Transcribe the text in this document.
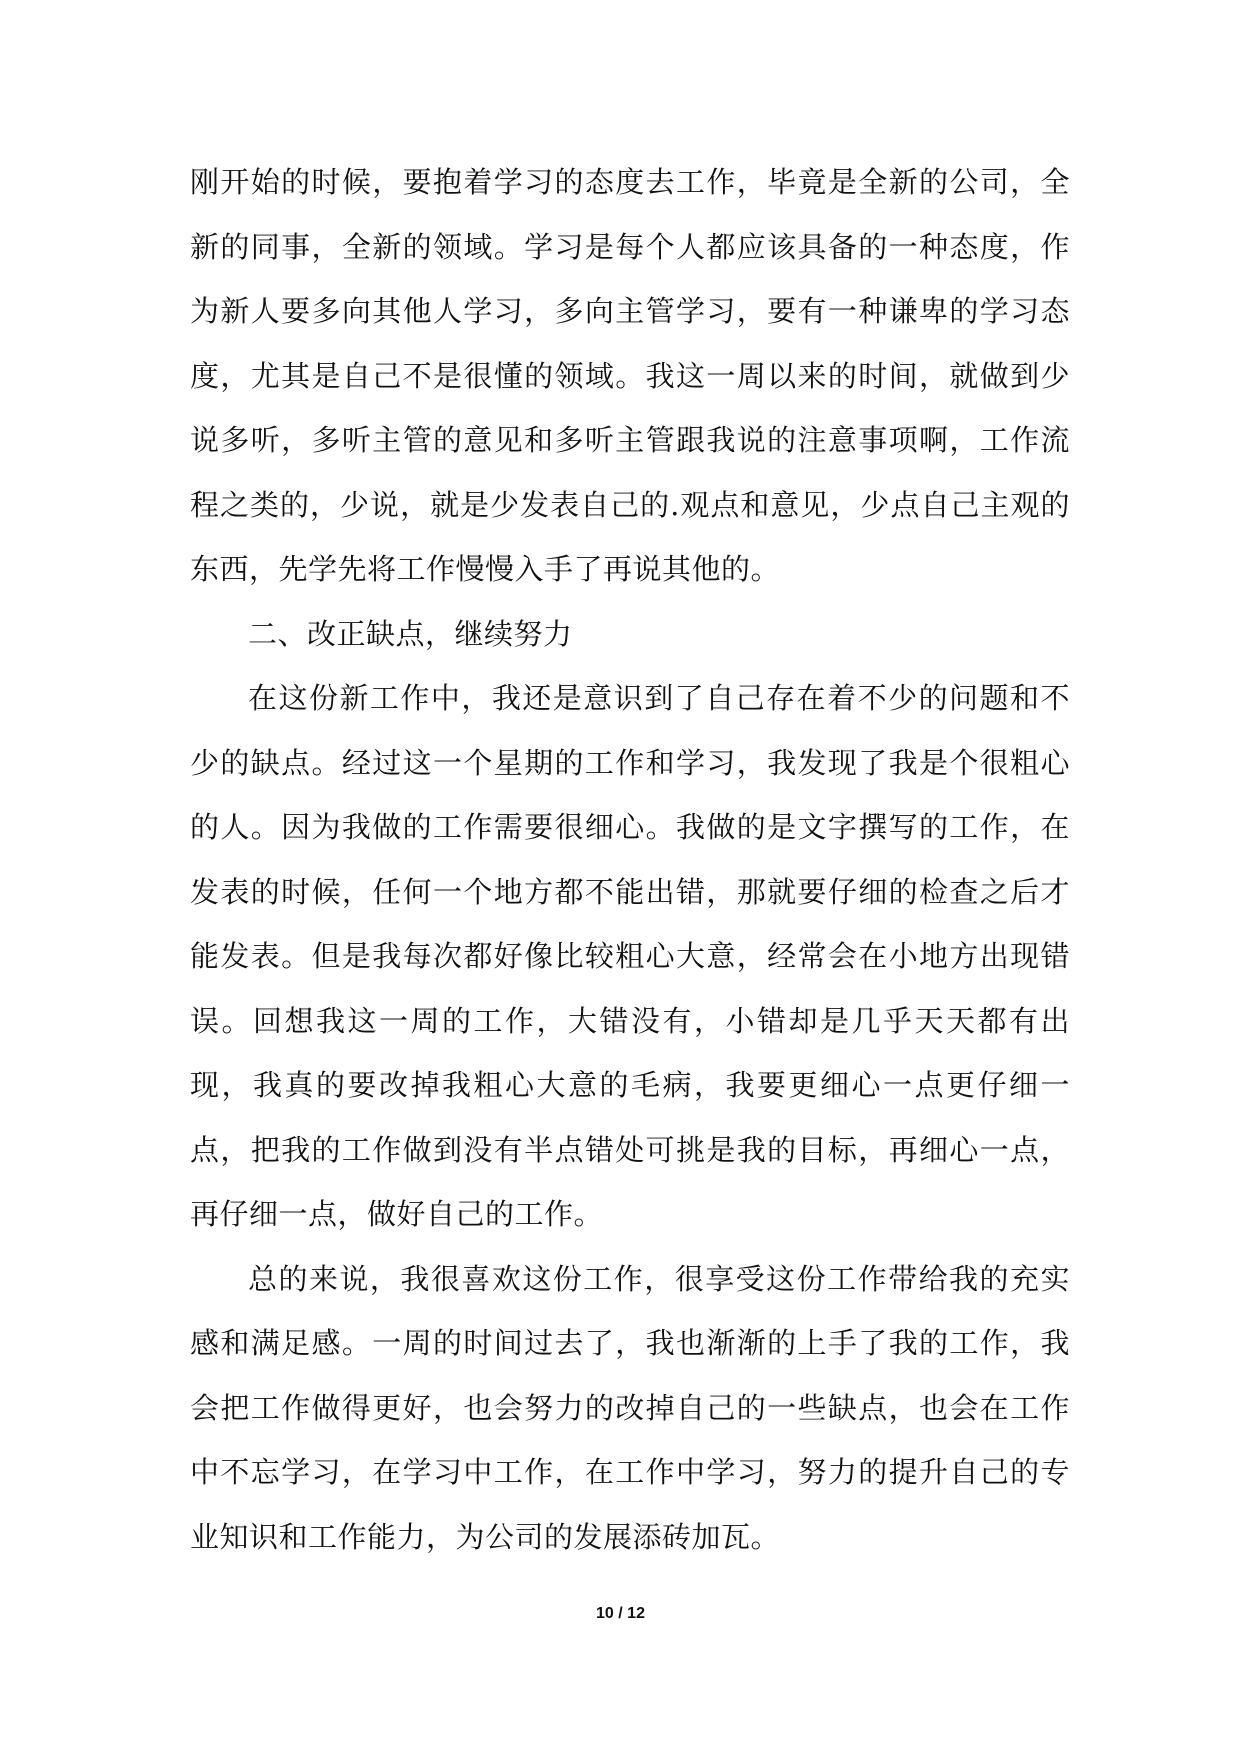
刚开始的时候，要抱着学习的态度去工作，毕竟是全新的公司，全新的同事，全新的领域。学习是每个人都应该具备的一种态度，作为新人要多向其他人学习，多向主管学习，要有一种谦卑的学习态度，尤其是自己不是很懂的领域。我这一周以来的时间，就做到少说多听，多听主管的意见和多听主管跟我说的注意事项啊，工作流程之类的，少说，就是少发表自己的.观点和意见，少点自己主观的东西，先学先将工作慢慢入手了再说其他的。

二、改正缺点，继续努力

在这份新工作中，我还是意识到了自己存在着不少的问题和不少的缺点。经过这一个星期的工作和学习，我发现了我是个很粗心的人。因为我做的工作需要很细心。我做的是文字撰写的工作，在发表的时候，任何一个地方都不能出错，那就要仔细的检查之后才能发表。但是我每次都好像比较粗心大意，经常会在小地方出现错误。回想我这一周的工作，大错没有，小错却是几乎天天都有出现，我真的要改掉我粗心大意的毛病，我要更细心一点更仔细一点，把我的工作做到没有半点错处可挑是我的目标，再细心一点，再仔细一点，做好自己的工作。

总的来说，我很喜欢这份工作，很享受这份工作带给我的充实感和满足感。一周的时间过去了，我也渐渐的上手了我的工作，我会把工作做得更好，也会努力的改掉自己的一些缺点，也会在工作中不忘学习，在学习中工作，在工作中学习，努力的提升自己的专业知识和工作能力，为公司的发展添砖加瓦。

10 / 12
